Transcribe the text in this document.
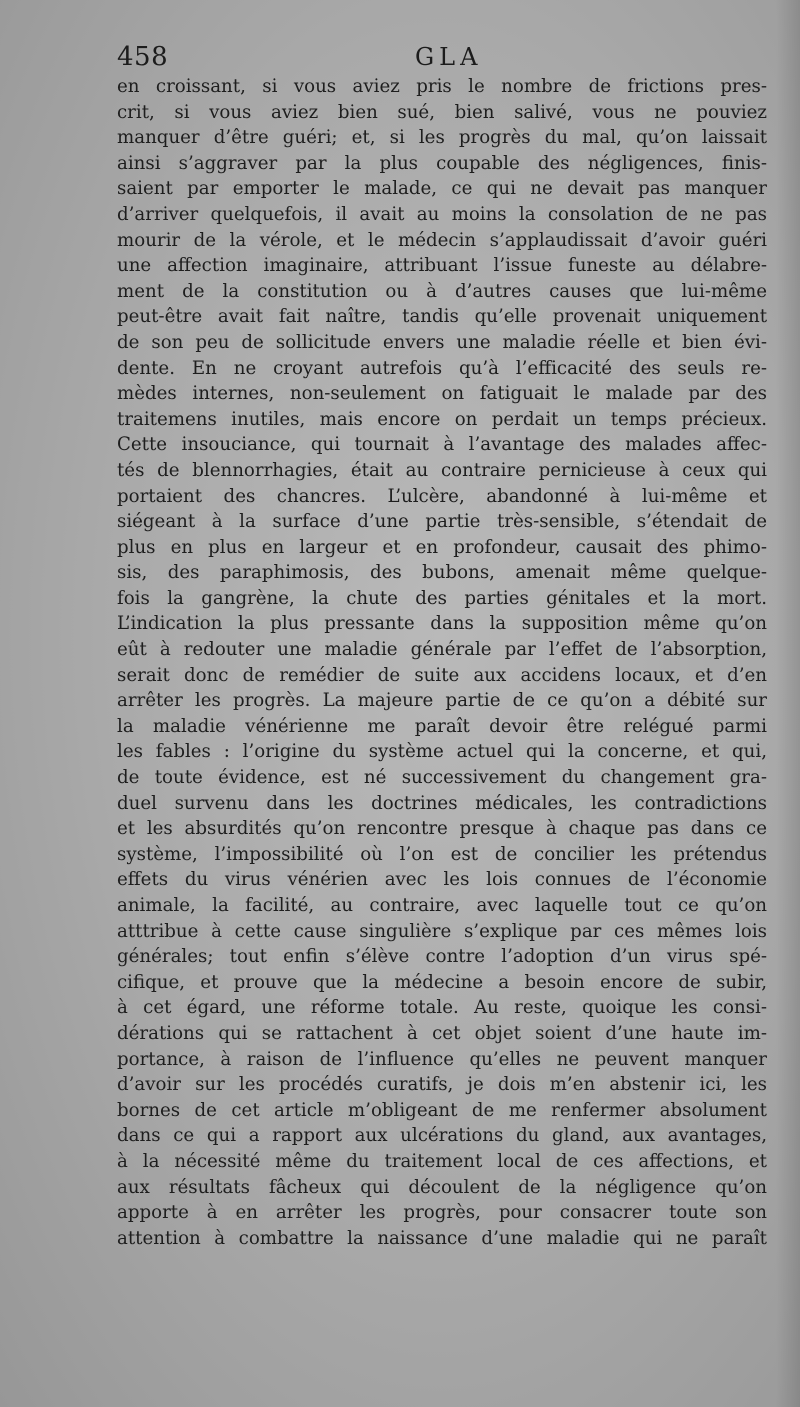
458	GLA
en croissant, si vous aviez pris le nombre de frictions pres-
crit, si vous aviez bien sué, bien salivé, vous ne pouviez
manquer d’être guéri; et, si les progrès du mal, qu’on laissait
ainsi s’aggraver par la plus coupable des négligences, finis-
saient par emporter le malade, ce qui ne devait pas manquer
d’arriver quelquefois, il avait au moins la consolation de ne pas
mourir de la vérole, et le médecin s’applaudissait d’avoir guéri
une affection imaginaire, attribuant l’issue funeste au délabre-
ment de la constitution ou à d’autres causes que lui-même
peut-être avait fait naître, tandis qu’elle provenait uniquement
de son peu de sollicitude envers une maladie réelle et bien évi-
dente. En ne croyant autrefois qu’à l’efficacité des seuls re-
mèdes internes, non-seulement on fatiguait le malade par des
traitemens inutiles, mais encore on perdait un temps précieux.
Cette insouciance, qui tournait à l’avantage des malades affec-
tés de blennorrhagies, était au contraire pernicieuse à ceux qui
portaient des chancres. L’ulcère, abandonné à lui-même et
siégeant à la surface d’une partie très-sensible, s’étendait de
plus en plus en largeur et en profondeur, causait des phimo-
sis, des paraphimosis, des bubons, amenait même quelque-
fois la gangrène, la chute des parties génitales et la mort.
L’indication la plus pressante dans la supposition même qu’on
eût à redouter une maladie générale par l’effet de l’absorption,
serait donc de remédier de suite aux accidens locaux, et d’en
arrêter les progrès. La majeure partie de ce qu’on a débité sur
la maladie vénérienne me paraît devoir être relégué parmi
les fables : l’origine du système actuel qui la concerne, et qui,
de toute évidence, est né successivement du changement gra-
duel survenu dans les doctrines médicales, les contradictions
et les absurdités qu’on rencontre presque à chaque pas dans ce
système, l’impossibilité où l’on est de concilier les prétendus
effets du virus vénérien avec les lois connues de l’économie
animale, la facilité, au contraire, avec laquelle tout ce qu’on
atttribue à cette cause singulière s’explique par ces mêmes lois
générales; tout enfin s’élève contre l’adoption d’un virus spé-
cifique, et prouve que la médecine a besoin encore de subir,
à cet égard, une réforme totale. Au reste, quoique les consi-
dérations qui se rattachent à cet objet soient d’une haute im-
portance, à raison de l’influence qu’elles ne peuvent manquer
d’avoir sur les procédés curatifs, je dois m’en abstenir ici, les
bornes de cet article m’obligeant de me renfermer absolument
dans ce qui a rapport aux ulcérations du gland, aux avantages,
à la nécessité même du traitement local de ces affections, et
aux résultats fâcheux qui découlent de la négligence qu’on
apporte à en arrêter les progrès, pour consacrer toute son
attention à combattre la naissance d’une maladie qui ne paraît
